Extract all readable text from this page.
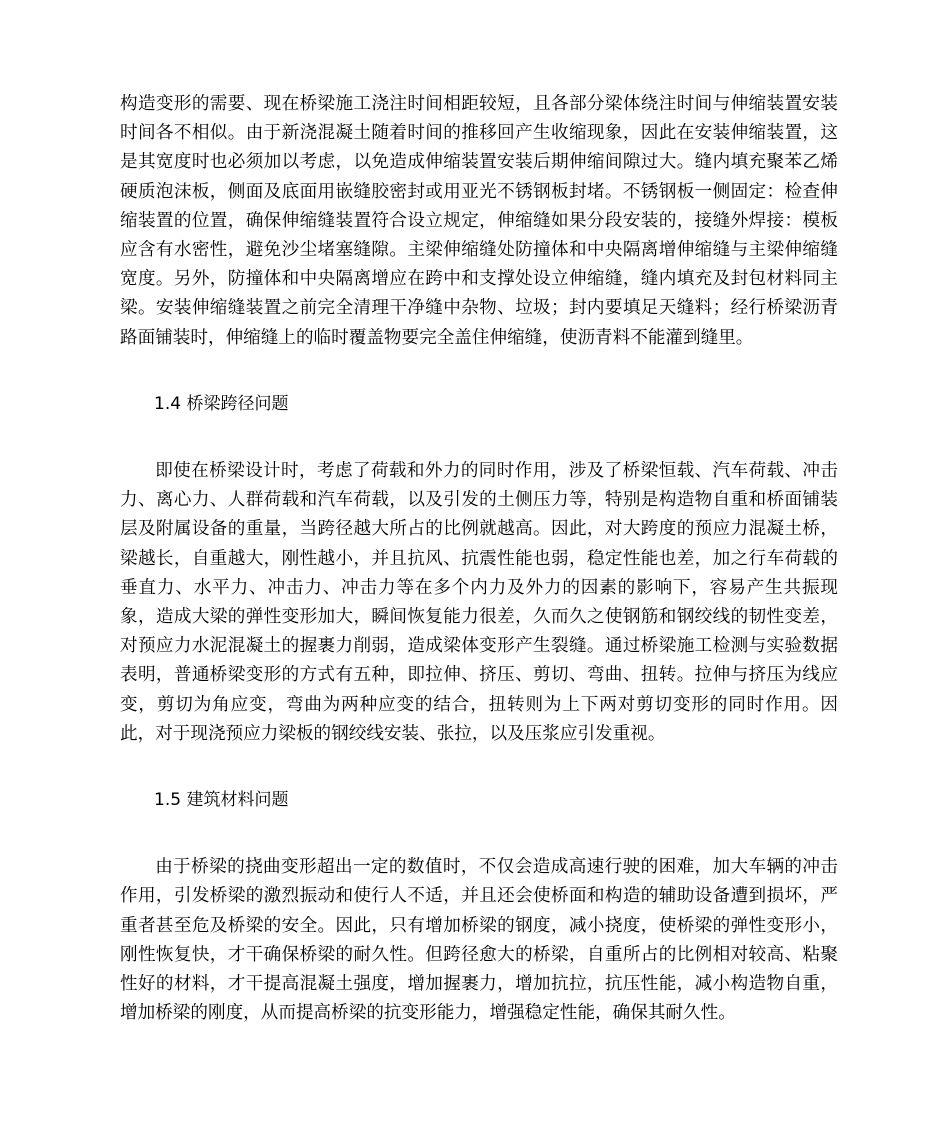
构造变形的需要、现在桥梁施工浇注时间相距较短，且各部分梁体绕注时间与伸缩装置安装时间各不相似。由于新浇混凝土随着时间的推移回产生收缩现象，因此在安装伸缩装置，这是其宽度时也必须加以考虑，以免造成伸缩装置安装后期伸缩间隙过大。缝内填充聚苯乙烯硬质泡沫板，侧面及底面用嵌缝胶密封或用亚光不锈钢板封堵。不锈钢板一侧固定：检查伸缩装置的位置，确保伸缩缝装置符合设立规定，伸缩缝如果分段安装的，接缝外焊接：模板应含有水密性，避免沙尘堵塞缝隙。主梁伸缩缝处防撞体和中央隔离增伸缩缝与主梁伸缩缝宽度。另外，防撞体和中央隔离增应在跨中和支撑处设立伸缩缝，缝内填充及封包材料同主梁。安装伸缩缝装置之前完全清理干净缝中杂物、垃圾；封内要填足天缝料；经行桥梁沥青路面铺装时，伸缩缝上的临时覆盖物要完全盖住伸缩缝，使沥青料不能灌到缝里。

1.4 桥梁跨径问题

即使在桥梁设计时，考虑了荷载和外力的同时作用，涉及了桥梁恒载、汽车荷载、冲击力、离心力、人群荷载和汽车荷载，以及引发的土侧压力等，特别是构造物自重和桥面铺装层及附属设备的重量，当跨径越大所占的比例就越高。因此，对大跨度的预应力混凝土桥，梁越长，自重越大，刚性越小，并且抗风、抗震性能也弱，稳定性能也差，加之行车荷载的垂直力、水平力、冲击力、冲击力等在多个内力及外力的因素的影响下，容易产生共振现象，造成大梁的弹性变形加大，瞬间恢复能力很差，久而久之使钢筋和钢绞线的韧性变差，对预应力水泥混凝土的握裹力削弱，造成梁体变形产生裂缝。通过桥梁施工检测与实验数据表明，普通桥梁变形的方式有五种，即拉伸、挤压、剪切、弯曲、扭转。拉伸与挤压为线应变，剪切为角应变，弯曲为两种应变的结合，扭转则为上下两对剪切变形的同时作用。因此，对于现浇预应力梁板的钢绞线安装、张拉，以及压浆应引发重视。

1.5 建筑材料问题

由于桥梁的挠曲变形超出一定的数值时，不仅会造成高速行驶的困难，加大车辆的冲击作用，引发桥梁的激烈振动和使行人不适，并且还会使桥面和构造的辅助设备遭到损坏，严重者甚至危及桥梁的安全。因此，只有增加桥梁的钢度，减小挠度，使桥梁的弹性变形小，刚性恢复快，才干确保桥梁的耐久性。但跨径愈大的桥梁，自重所占的比例相对较高、粘聚性好的材料，才干提高混凝土强度，增加握裹力，增加抗拉，抗压性能，减小构造物自重，增加桥梁的刚度，从而提高桥梁的抗变形能力，增强稳定性能，确保其耐久性。
